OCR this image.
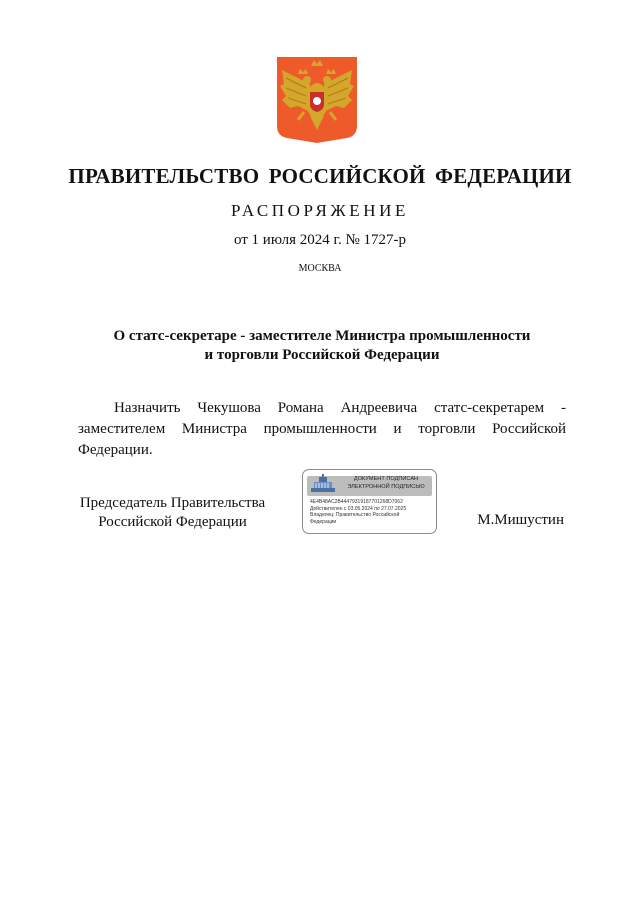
ПРАВИТЕЛЬСТВО РОССИЙСКОЙ ФЕДЕРАЦИИ
РАСПОРЯЖЕНИЕ
от 1 июля 2024 г. № 1727-р
МОСКВА
О статс-секретаре - заместителе Министра промышленности
и торговли Российской Федерации
Назначить Чекушова Романа Андреевича статс-секретарем - заместителем Министра промышленности и торговли Российской Федерации.
Председатель Правительства
Российской Федерации
ДОКУМЕНТ ПОДПИСАН
ЭЛЕКТРОННОЙ ПОДПИСЬЮ
4E4B48AC2B44479319187701268D7062
Действителен с 03.05.2024 по 27.07.2025
Владелец: Правительство Российской
Федерации	М.Мишустин
